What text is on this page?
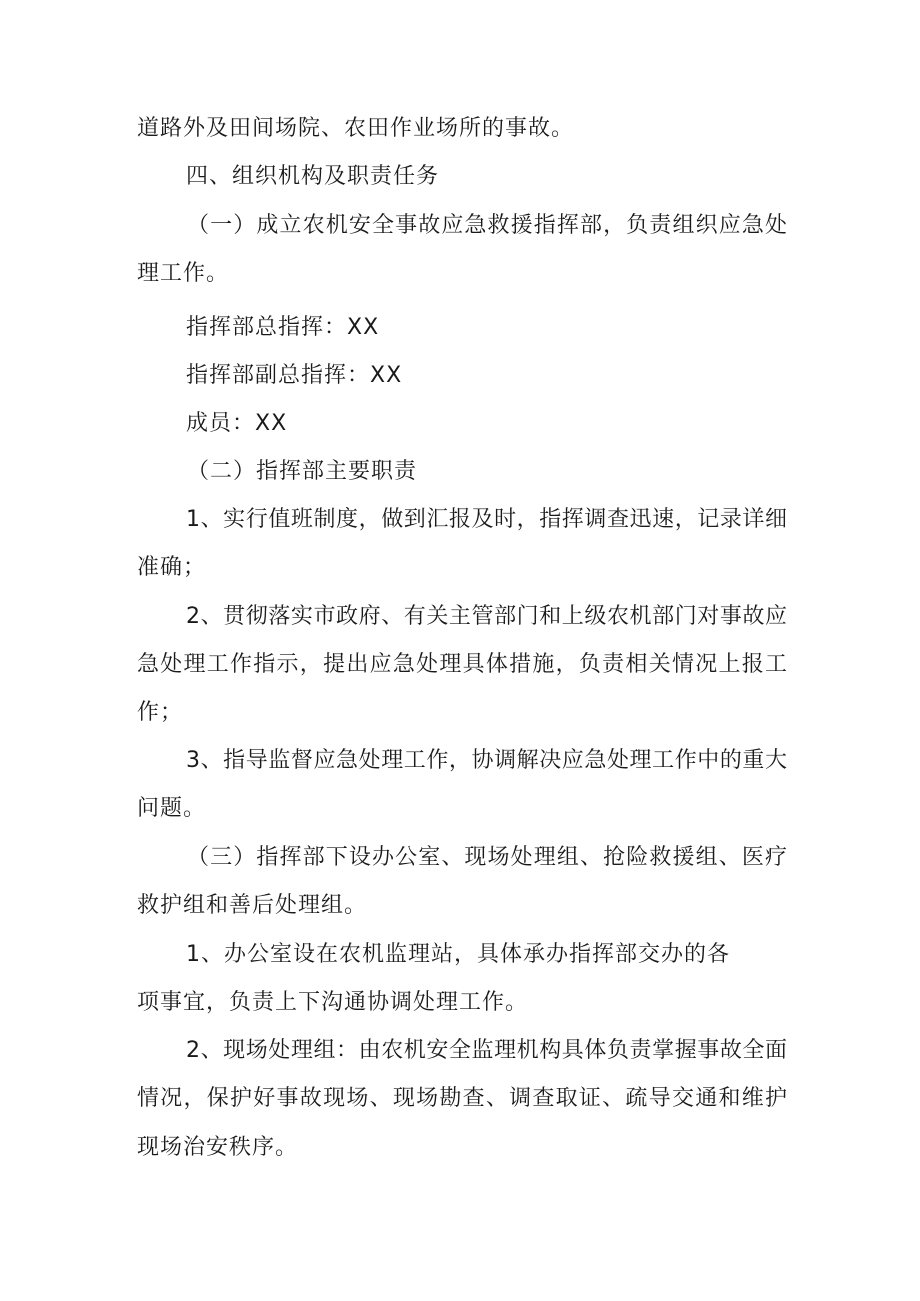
道路外及田间场院、农田作业场所的事故。

四、组织机构及职责任务

（一）成立农机安全事故应急救援指挥部，负责组织应急处

理工作。

指挥部总指挥：XX

指挥部副总指挥：XX

成员：XX

（二）指挥部主要职责

1、实行值班制度，做到汇报及时，指挥调查迅速，记录详细

准确；

2、贯彻落实市政府、有关主管部门和上级农机部门对事故应

急处理工作指示，提出应急处理具体措施，负责相关情况上报工

作；

3、指导监督应急处理工作，协调解决应急处理工作中的重大

问题。

（三）指挥部下设办公室、现场处理组、抢险救援组、医疗

救护组和善后处理组。

1、办公室设在农机监理站，具体承办指挥部交办的各

项事宜，负责上下沟通协调处理工作。

2、现场处理组：由农机安全监理机构具体负责掌握事故全面

情况，保护好事故现场、现场勘查、调查取证、疏导交通和维护

现场治安秩序。
